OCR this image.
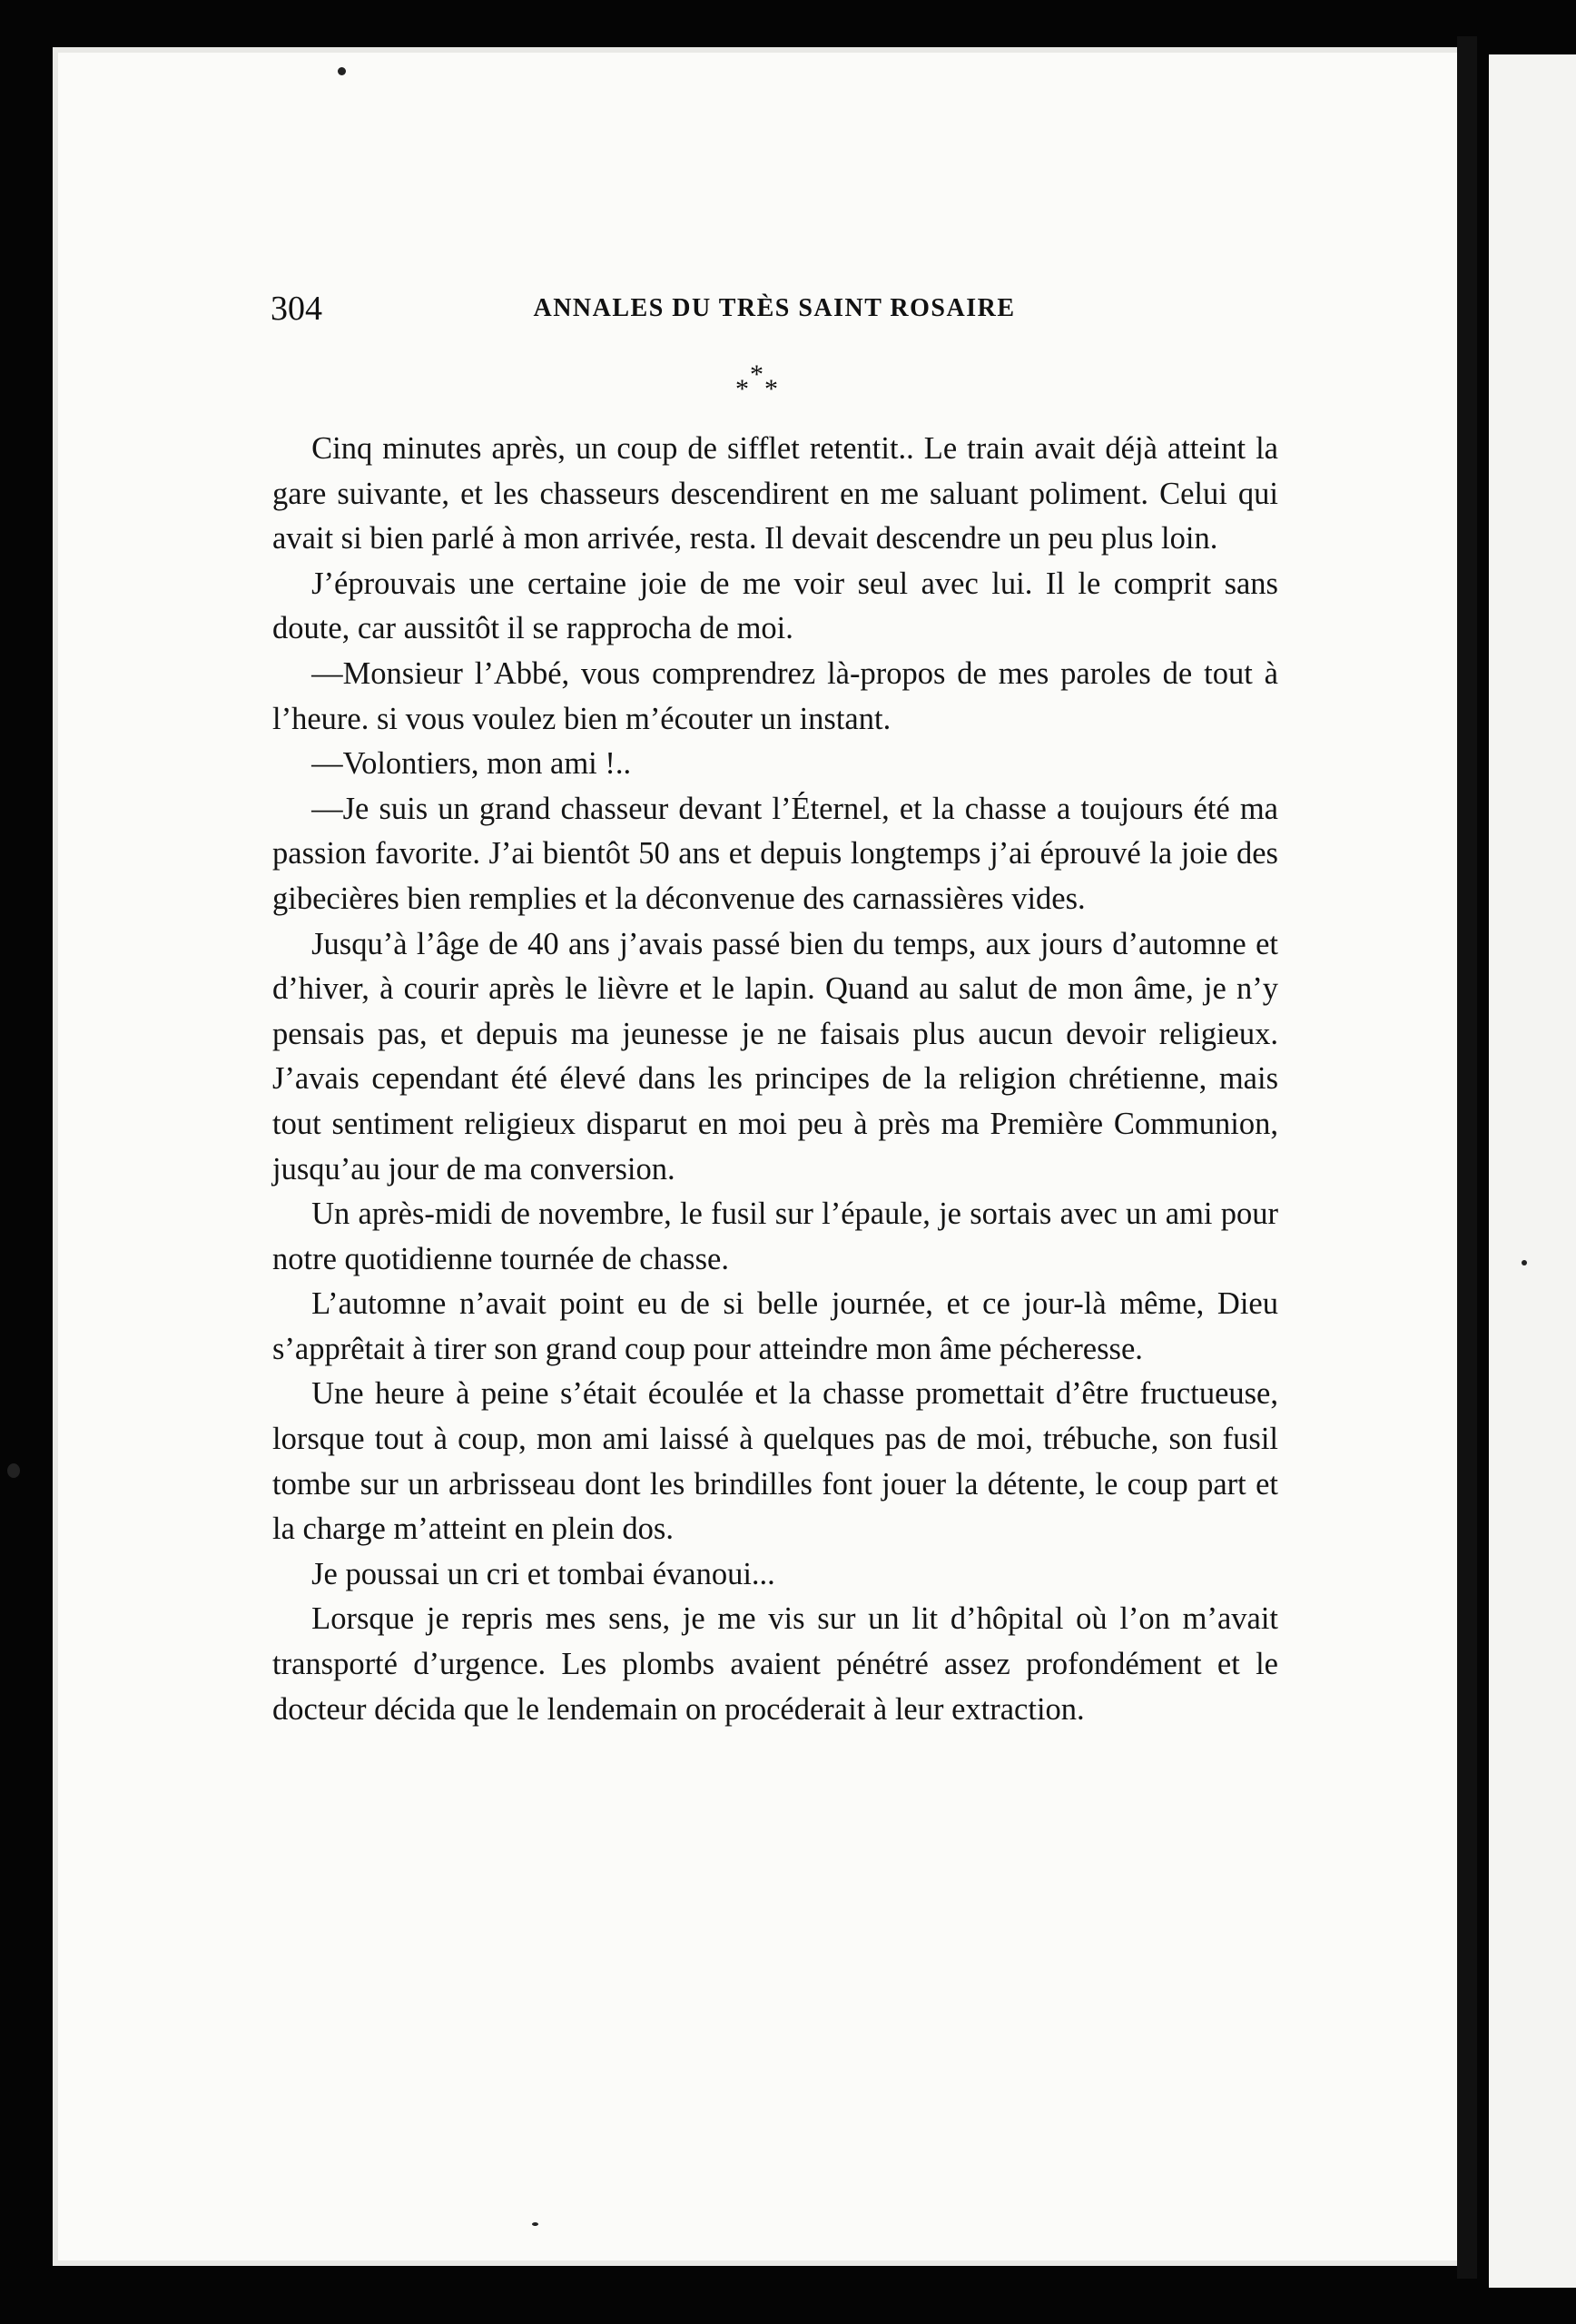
304	ANNALES DU TRÈS SAINT ROSAIRE
*
* *

Cinq minutes après, un coup de sifflet retentit.. Le train avait déjà atteint la gare suivante, et les chasseurs descendirent en me saluant poliment. Celui qui avait si bien parlé à mon arrivée, resta. Il devait descendre un peu plus loin.

J’éprouvais une certaine joie de me voir seul avec lui. Il le comprit sans doute, car aussitôt il se rapprocha de moi.

—Monsieur l’Abbé, vous comprendrez là-propos de mes paroles de tout à l’heure. si vous voulez bien m’écouter un instant.

—Volontiers, mon ami !..

—Je suis un grand chasseur devant l’Éternel, et la chasse a toujours été ma passion favorite. J’ai bientôt 50 ans et depuis longtemps j’ai éprouvé la joie des gibecières bien remplies et la déconvenue des carnassières vides.

Jusqu’à l’âge de 40 ans j’avais passé bien du temps, aux jours d’automne et d’hiver, à courir après le lièvre et le lapin. Quand au salut de mon âme, je n’y pensais pas, et depuis ma jeunesse je ne faisais plus aucun devoir religieux. J’avais cependant été élevé dans les principes de la religion chrétienne, mais tout sentiment religieux disparut en moi peu à près ma Première Communion, jusqu’au jour de ma conversion.

Un après-midi de novembre, le fusil sur l’épaule, je sortais avec un ami pour notre quotidienne tournée de chasse.

L’automne n’avait point eu de si belle journée, et ce jour-là même, Dieu s’apprêtait à tirer son grand coup pour atteindre mon âme pécheresse.

Une heure à peine s’était écoulée et la chasse promettait d’être fructueuse, lorsque tout à coup, mon ami laissé à quelques pas de moi, trébuche, son fusil tombe sur un arbrisseau dont les brindilles font jouer la détente, le coup part et la charge m’atteint en plein dos.

Je poussai un cri et tombai évanoui...

Lorsque je repris mes sens, je me vis sur un lit d’hôpital où l’on m’avait transporté d’urgence. Les plombs avaient pénétré assez profondément et le docteur décida que le lendemain on procéderait à leur extraction.
